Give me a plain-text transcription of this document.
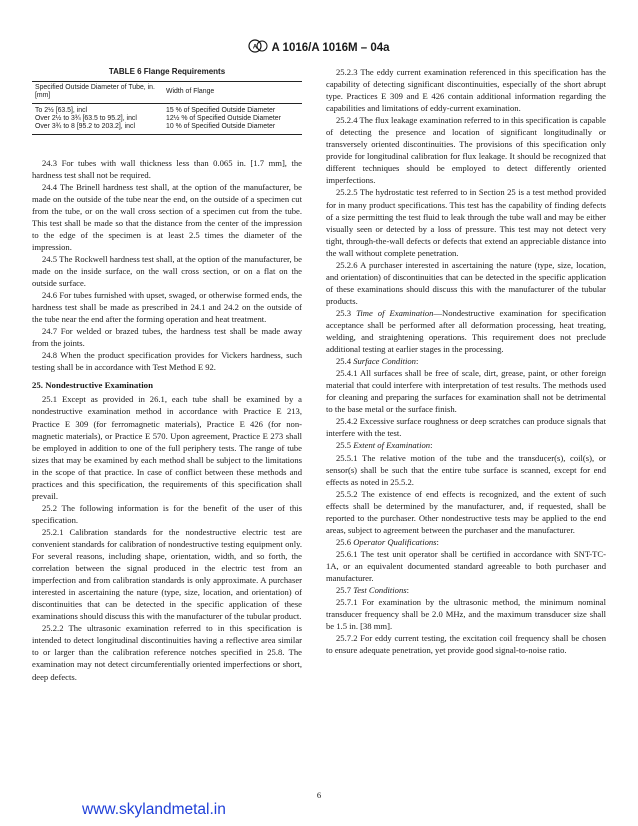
A A 1016/A 1016M – 04a
TABLE 6 Flange Requirements
Specified Outside Diameter of Tube, in. [mm]	Width of Flange
To 2½ [63.5], incl	15 % of Specified Outside Diameter
Over 2½ to 3¾ [63.5 to 95.2], incl	12½ % of Specified Outside Diameter
Over 3¾ to 8 [95.2 to 203.2], incl	10 % of Specified Outside Diameter

24.3 For tubes with wall thickness less than 0.065 in. [1.7 mm], the hardness test shall not be required.

24.4 The Brinell hardness test shall, at the option of the manufacturer, be made on the outside of the tube near the end, on the outside of a specimen cut from the tube, or on the wall cross section of a specimen cut from the tube. This test shall be made so that the distance from the center of the impression to the edge of the specimen is at least 2.5 times the diameter of the impression.

24.5 The Rockwell hardness test shall, at the option of the manufacturer, be made on the inside surface, on the wall cross section, or on a flat on the outside surface.

24.6 For tubes furnished with upset, swaged, or otherwise formed ends, the hardness test shall be made as prescribed in 24.1 and 24.2 on the outside of the tube near the end after the forming operation and heat treatment.

24.7 For welded or brazed tubes, the hardness test shall be made away from the joints.

24.8 When the product specification provides for Vickers hardness, such testing shall be in accordance with Test Method E 92.

25. Nondestructive Examination

25.1 Except as provided in 26.1, each tube shall be examined by a nondestructive examination method in accordance with Practice E 213, Practice E 309 (for ferromagnetic materials), Practice E 426 (for non-magnetic materials), or Practice E 570. Upon agreement, Practice E 273 shall be employed in addition to one of the full periphery tests. The range of tube sizes that may be examined by each method shall be subject to the limitations in the scope of that practice. In case of conflict between these methods and practices and this specification, the requirements of this specification shall prevail.

25.2 The following information is for the benefit of the user of this specification.

25.2.1 Calibration standards for the nondestructive electric test are convenient standards for calibration of nondestructive testing equipment only. For several reasons, including shape, orientation, width, and so forth, the correlation between the signal produced in the electric test from an imperfection and from calibration standards is only approximate. A purchaser interested in ascertaining the nature (type, size, location, and orientation) of discontinuities that can be detected in the specific application of these examinations should discuss this with the manufacturer of the tubular product.

25.2.2 The ultrasonic examination referred to in this specification is intended to detect longitudinal discontinuities having a reflective area similar to or larger than the calibration reference notches specified in 25.8. The examination may not detect circumferentially oriented imperfections or short, deep defects.

25.2.3 The eddy current examination referenced in this specification has the capability of detecting significant discontinuities, especially of the short abrupt type. Practices E 309 and E 426 contain additional information regarding the capabilities and limitations of eddy-current examination.

25.2.4 The flux leakage examination referred to in this specification is capable of detecting the presence and location of significant longitudinally or transversely oriented discontinuities. The provisions of this specification only provide for longitudinal calibration for flux leakage. It should be recognized that different techniques should be employed to detect differently oriented imperfections.

25.2.5 The hydrostatic test referred to in Section 25 is a test method provided for in many product specifications. This test has the capability of finding defects of a size permitting the test fluid to leak through the tube wall and may be either visually seen or detected by a loss of pressure. This test may not detect very tight, through-the-wall defects or defects that extend an appreciable distance into the wall without complete penetration.

25.2.6 A purchaser interested in ascertaining the nature (type, size, location, and orientation) of discontinuities that can be detected in the specific application of these examinations should discuss this with the manufacturer of the tubular products.

25.3 Time of Examination—Nondestructive examination for specification acceptance shall be performed after all deformation processing, heat treating, welding, and straightening operations. This requirement does not preclude additional testing at earlier stages in the processing.

25.4 Surface Condition:

25.4.1 All surfaces shall be free of scale, dirt, grease, paint, or other foreign material that could interfere with interpretation of test results. The methods used for cleaning and preparing the surfaces for examination shall not be detrimental to the base metal or the surface finish.

25.4.2 Excessive surface roughness or deep scratches can produce signals that interfere with the test.

25.5 Extent of Examination:

25.5.1 The relative motion of the tube and the transducer(s), coil(s), or sensor(s) shall be such that the entire tube surface is scanned, except for end effects as noted in 25.5.2.

25.5.2 The existence of end effects is recognized, and the extent of such effects shall be determined by the manufacturer, and, if requested, shall be reported to the purchaser. Other nondestructive tests may be applied to the end areas, subject to agreement between the purchaser and the manufacturer.

25.6 Operator Qualifications:

25.6.1 The test unit operator shall be certified in accordance with SNT-TC-1A, or an equivalent documented standard agreeable to both purchaser and manufacturer.

25.7 Test Conditions:

25.7.1 For examination by the ultrasonic method, the minimum nominal transducer frequency shall be 2.0 MHz, and the maximum transducer size shall be 1.5 in. [38 mm].

25.7.2 For eddy current testing, the excitation coil frequency shall be chosen to ensure adequate penetration, yet provide good signal-to-noise ratio.

6
www.skylandmetal.in
